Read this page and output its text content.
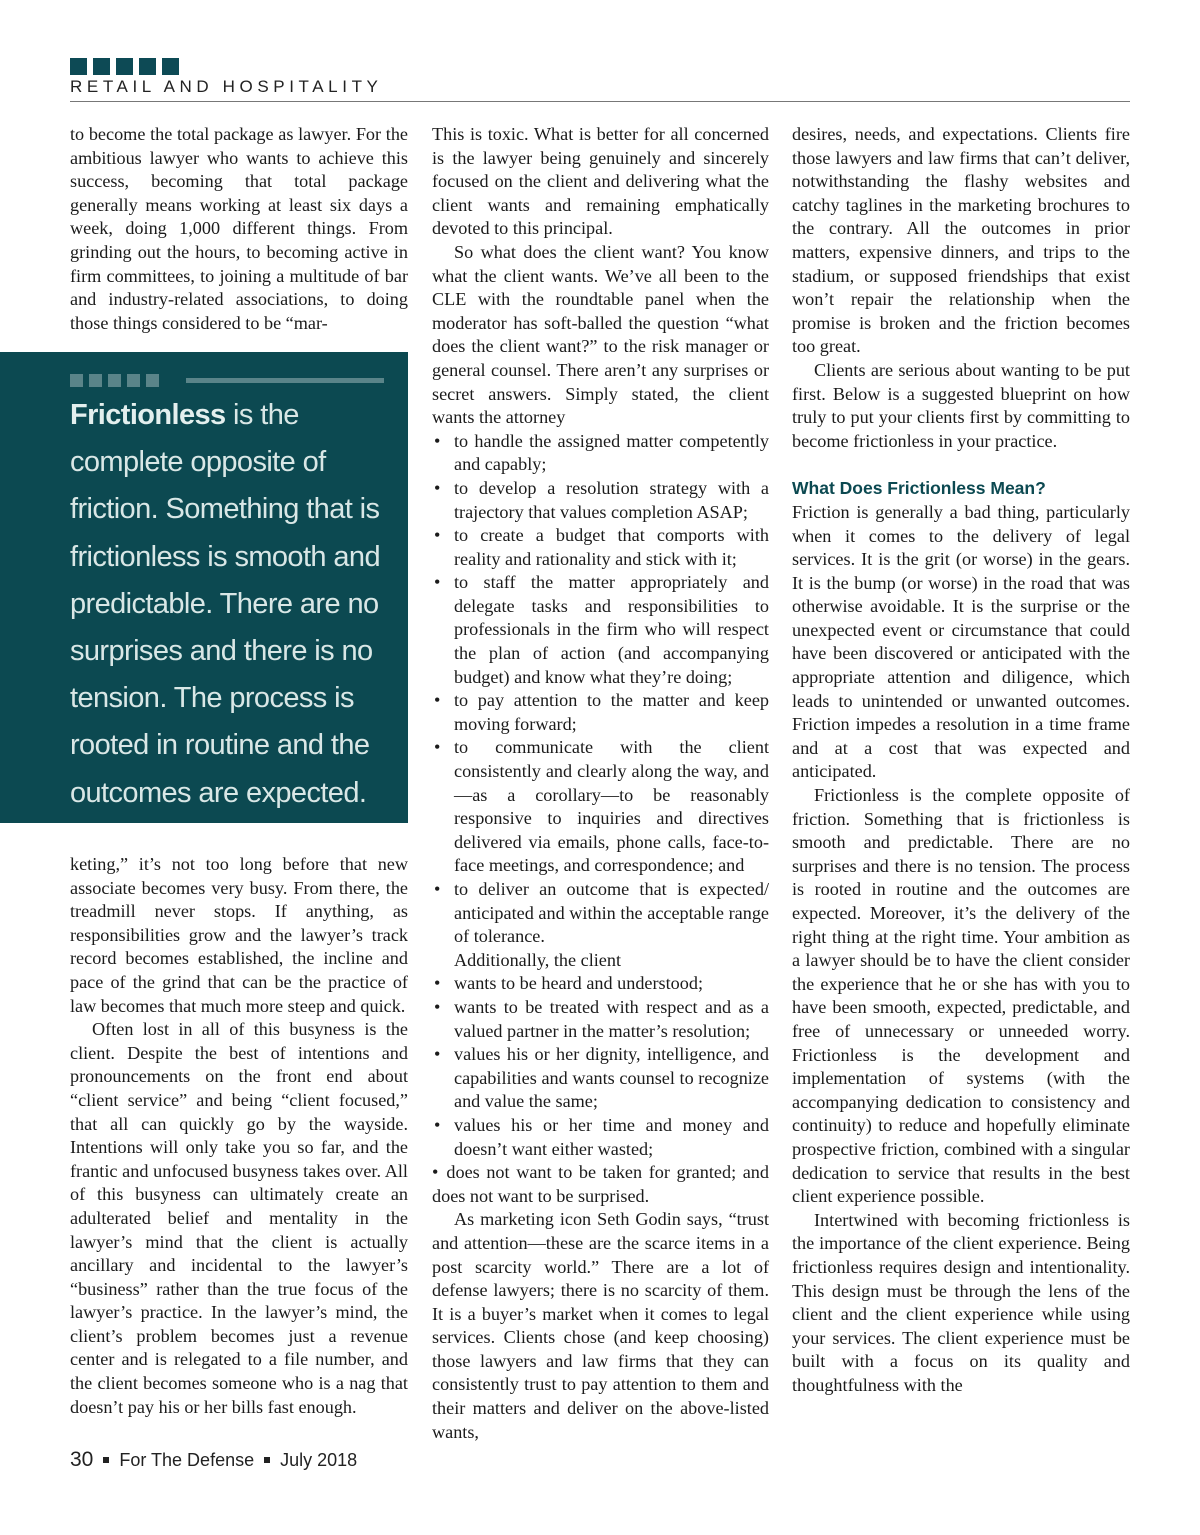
RETAIL AND HOSPITALITY

to become the total package as lawyer. For the ambitious lawyer who wants to achieve this success, becoming that total package generally means working at least six days a week, doing 1,000 different things. From grinding out the hours, to becoming active in firm committees, to joining a multitude of bar and industry-related associations, to doing those things considered to be “mar-

Frictionless is the complete opposite of friction. Something that is frictionless is smooth and predictable. There are no surprises and there is no tension. The process is rooted in routine and the outcomes are expected.

keting,” it’s not too long before that new associate becomes very busy. From there, the treadmill never stops. If anything, as responsibilities grow and the lawyer’s track record becomes established, the incline and pace of the grind that can be the practice of law becomes that much more steep and quick.

Often lost in all of this busyness is the client. Despite the best of intentions and pronouncements on the front end about “client service” and being “client focused,” that all can quickly go by the wayside. Intentions will only take you so far, and the frantic and unfocused busyness takes over. All of this busyness can ultimately create an adulterated belief and mentality in the lawyer’s mind that the client is actually ancillary and incidental to the lawyer’s “business” rather than the true focus of the lawyer’s practice. In the lawyer’s mind, the client’s problem becomes just a revenue center and is relegated to a file number, and the client becomes someone who is a nag that doesn’t pay his or her bills fast enough.

This is toxic. What is better for all concerned is the lawyer being genuinely and sincerely focused on the client and delivering what the client wants and remaining emphatically devoted to this principal.

So what does the client want? You know what the client wants. We’ve all been to the CLE with the roundtable panel when the moderator has soft-balled the question “what does the client want?” to the risk manager or general counsel. There aren’t any surprises or secret answers. Simply stated, the client wants the attorney

• to handle the assigned matter competently and capably;
• to develop a resolution strategy with a trajectory that values completion ASAP;
• to create a budget that comports with reality and rationality and stick with it;
• to staff the matter appropriately and delegate tasks and responsibilities to professionals in the firm who will respect the plan of action (and accompanying budget) and know what they’re doing;
• to pay attention to the matter and keep moving forward;
• to communicate with the client consistently and clearly along the way, and—as a corollary—to be reasonably responsive to inquiries and directives delivered via emails, phone calls, face-to-face meetings, and correspondence; and
• to deliver an outcome that is expected/ anticipated and within the acceptable range of tolerance.

Additionally, the client

• wants to be heard and understood;
• wants to be treated with respect and as a valued partner in the matter’s resolution;
• values his or her dignity, intelligence, and capabilities and wants counsel to recognize and value the same;
• values his or her time and money and doesn’t want either wasted;
• does not want to be taken for granted; and does not want to be surprised.

As marketing icon Seth Godin says, “trust and attention—these are the scarce items in a post scarcity world.” There are a lot of defense lawyers; there is no scarcity of them. It is a buyer’s market when it comes to legal services. Clients chose (and keep choosing) those lawyers and law firms that they can consistently trust to pay attention to them and their matters and deliver on the above-listed wants,

desires, needs, and expectations. Clients fire those lawyers and law firms that can’t deliver, notwithstanding the flashy websites and catchy taglines in the marketing brochures to the contrary. All the outcomes in prior matters, expensive dinners, and trips to the stadium, or supposed friendships that exist won’t repair the relationship when the promise is broken and the friction becomes too great.

Clients are serious about wanting to be put first. Below is a suggested blueprint on how truly to put your clients first by committing to become frictionless in your practice.

What Does Frictionless Mean?

Friction is generally a bad thing, particularly when it comes to the delivery of legal services. It is the grit (or worse) in the gears. It is the bump (or worse) in the road that was otherwise avoidable. It is the surprise or the unexpected event or circumstance that could have been discovered or anticipated with the appropriate attention and diligence, which leads to unintended or unwanted outcomes. Friction impedes a resolution in a time frame and at a cost that was expected and anticipated.

Frictionless is the complete opposite of friction. Something that is frictionless is smooth and predictable. There are no surprises and there is no tension. The process is rooted in routine and the outcomes are expected. Moreover, it’s the delivery of the right thing at the right time. Your ambition as a lawyer should be to have the client consider the experience that he or she has with you to have been smooth, expected, predictable, and free of unnecessary or unneeded worry. Frictionless is the development and implementation of systems (with the accompanying dedication to consistency and continuity) to reduce and hopefully eliminate prospective friction, combined with a singular dedication to service that results in the best client experience possible.

Intertwined with becoming frictionless is the importance of the client experience. Being frictionless requires design and intentionality. This design must be through the lens of the client and the client experience while using your services. The client experience must be built with a focus on its quality and thoughtfulness with the

30 For The Defense July 2018
